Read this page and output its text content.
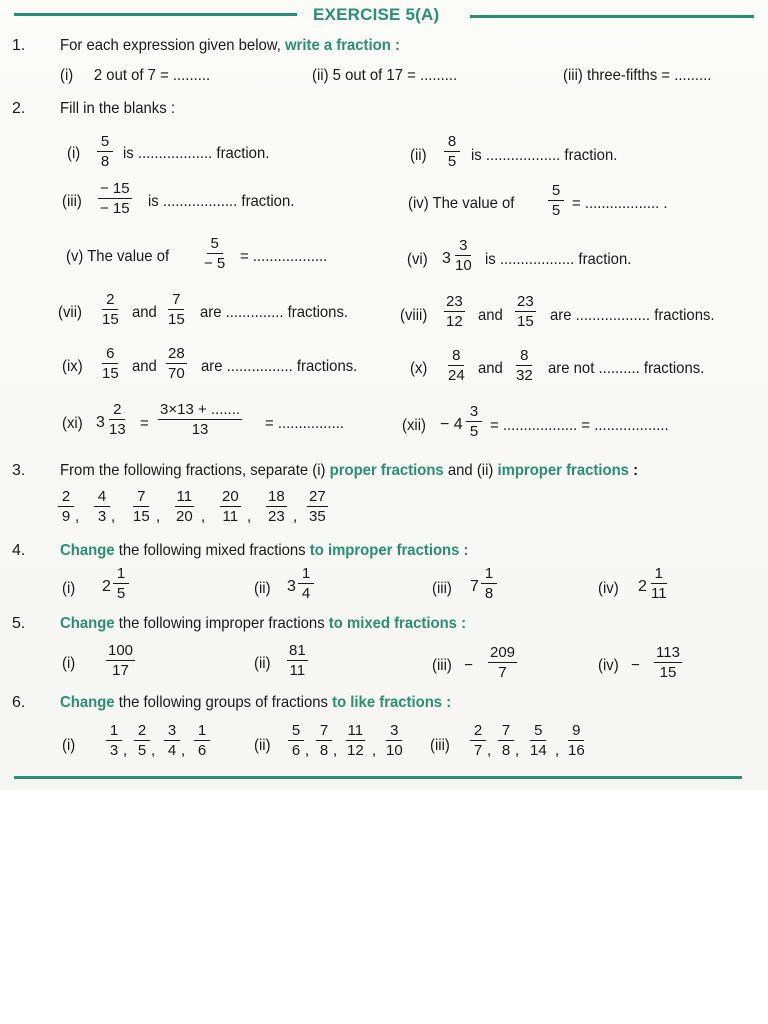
EXERCISE 5(A)
1. For each expression given below, write a fraction :
(i) 2 out of 7 = .........	(ii) 5 out of 17 = .........	(iii) three-fifths = .........
2. Fill in the blanks :
$(i) \frac{5}{8}$ is .................. fraction.	$(ii) \frac{8}{5}$ is .................. fraction.
$(iii) \frac{- 15}{- 15}$ is .................. fraction.	(iv) The value of $\frac{5}{5}$ = .................. .
(v) The value of $\frac{5}{- 5}$ = ..................	(vi) $3 \frac{3}{10}$ is .................. fraction.
$(vii) \frac{2}{15}$ and $\frac{7}{15}$ are .............. fractions.	(viii) $\frac{23}{12}$ and $\frac{23}{15}$ are .................. fractions.
$(ix) \frac{6}{15}$ and $\frac{28}{70}$ are ................ fractions.	$(x) \frac{8}{24}$ and $\frac{8}{32}$ are not .......... fractions.
(xi) $3 \frac{2}{13} = \frac{3\times 13 + .......}{13}$ = ................	$(xii) - 4 \frac{3}{5}$ = .................. = ..................
3. From the following fractions, separate (i) proper fractions and (ii) improper fractions :
$\frac{2}{9}$ , $\frac{4}{3}$ , $\frac{7}{15}$ , $\frac{11}{20}$ , $\frac{20}{11}$ , $\frac{18}{23}$ , $\frac{27}{35}$
4. Change the following mixed fractions to improper fractions :
(i) $2 \frac{1}{5}$	(ii) $3 \frac{1}{4}$	(iii) $7 \frac{1}{8}$	(iv) $2 \frac{1}{11}$
5. Change the following improper fractions to mixed fractions :
$(i) \frac{100}{17}$	$(ii) \frac{81}{11}$	$(iii) - \frac{209}{7}$	$(iv) - \frac{113}{15}$
6. Change the following groups of fractions to like fractions :
$(i) \frac{1}{3}$ , $\frac{2}{5}$ , $\frac{3}{4}$ , $\frac{1}{6}$	$(ii) \frac{5}{6}$ , $\frac{7}{8}$ , $\frac{11}{12}$ , $\frac{3}{10} (iii) \frac{2}{7}$ , $\frac{7}{8}$ , $\frac{5}{14}$ , $\frac{9}{16}$
